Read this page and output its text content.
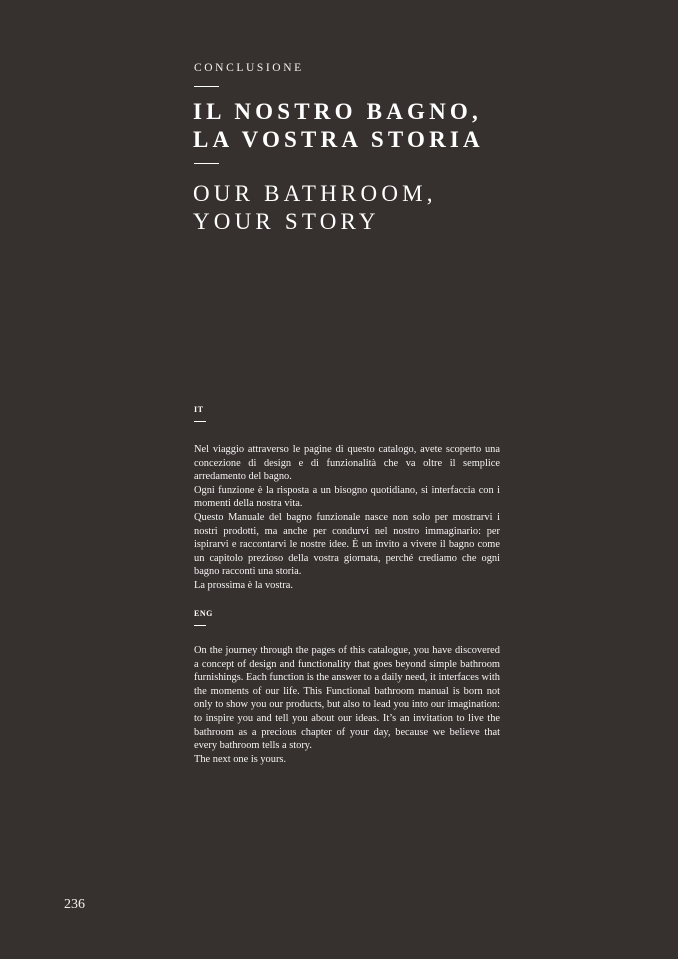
CONCLUSIONE
IL NOSTRO BAGNO,
LA VOSTRA STORIA
OUR BATHROOM,
YOUR STORY
IT

Nel viaggio attraverso le pagine di questo catalogo, avete scoperto una concezione di design e di funzionalità che va oltre il semplice arredamento del bagno.

Ogni funzione è la risposta a un bisogno quotidiano, si interfaccia con i momenti della nostra vita.

Questo Manuale del bagno funzionale nasce non solo per mostrarvi i nostri prodotti, ma anche per condurvi nel nostro immaginario: per ispirarvi e raccontarvi le nostre idee. È un invito a vivere il bagno come un capitolo prezioso della vostra giornata, perché crediamo che ogni bagno racconti una storia.

La prossima è la vostra.

ENG

On the journey through the pages of this catalogue, you have discovered a concept of design and functionality that goes beyond simple bathroom furnishings. Each function is the answer to a daily need, it interfaces with the moments of our life. This Functional bathroom manual is born not only to show you our products, but also to lead you into our imagination: to inspire you and tell you about our ideas. It’s an invitation to live the bathroom as a precious chapter of your day, because we believe that every bathroom tells a story.

The next one is yours.

236
